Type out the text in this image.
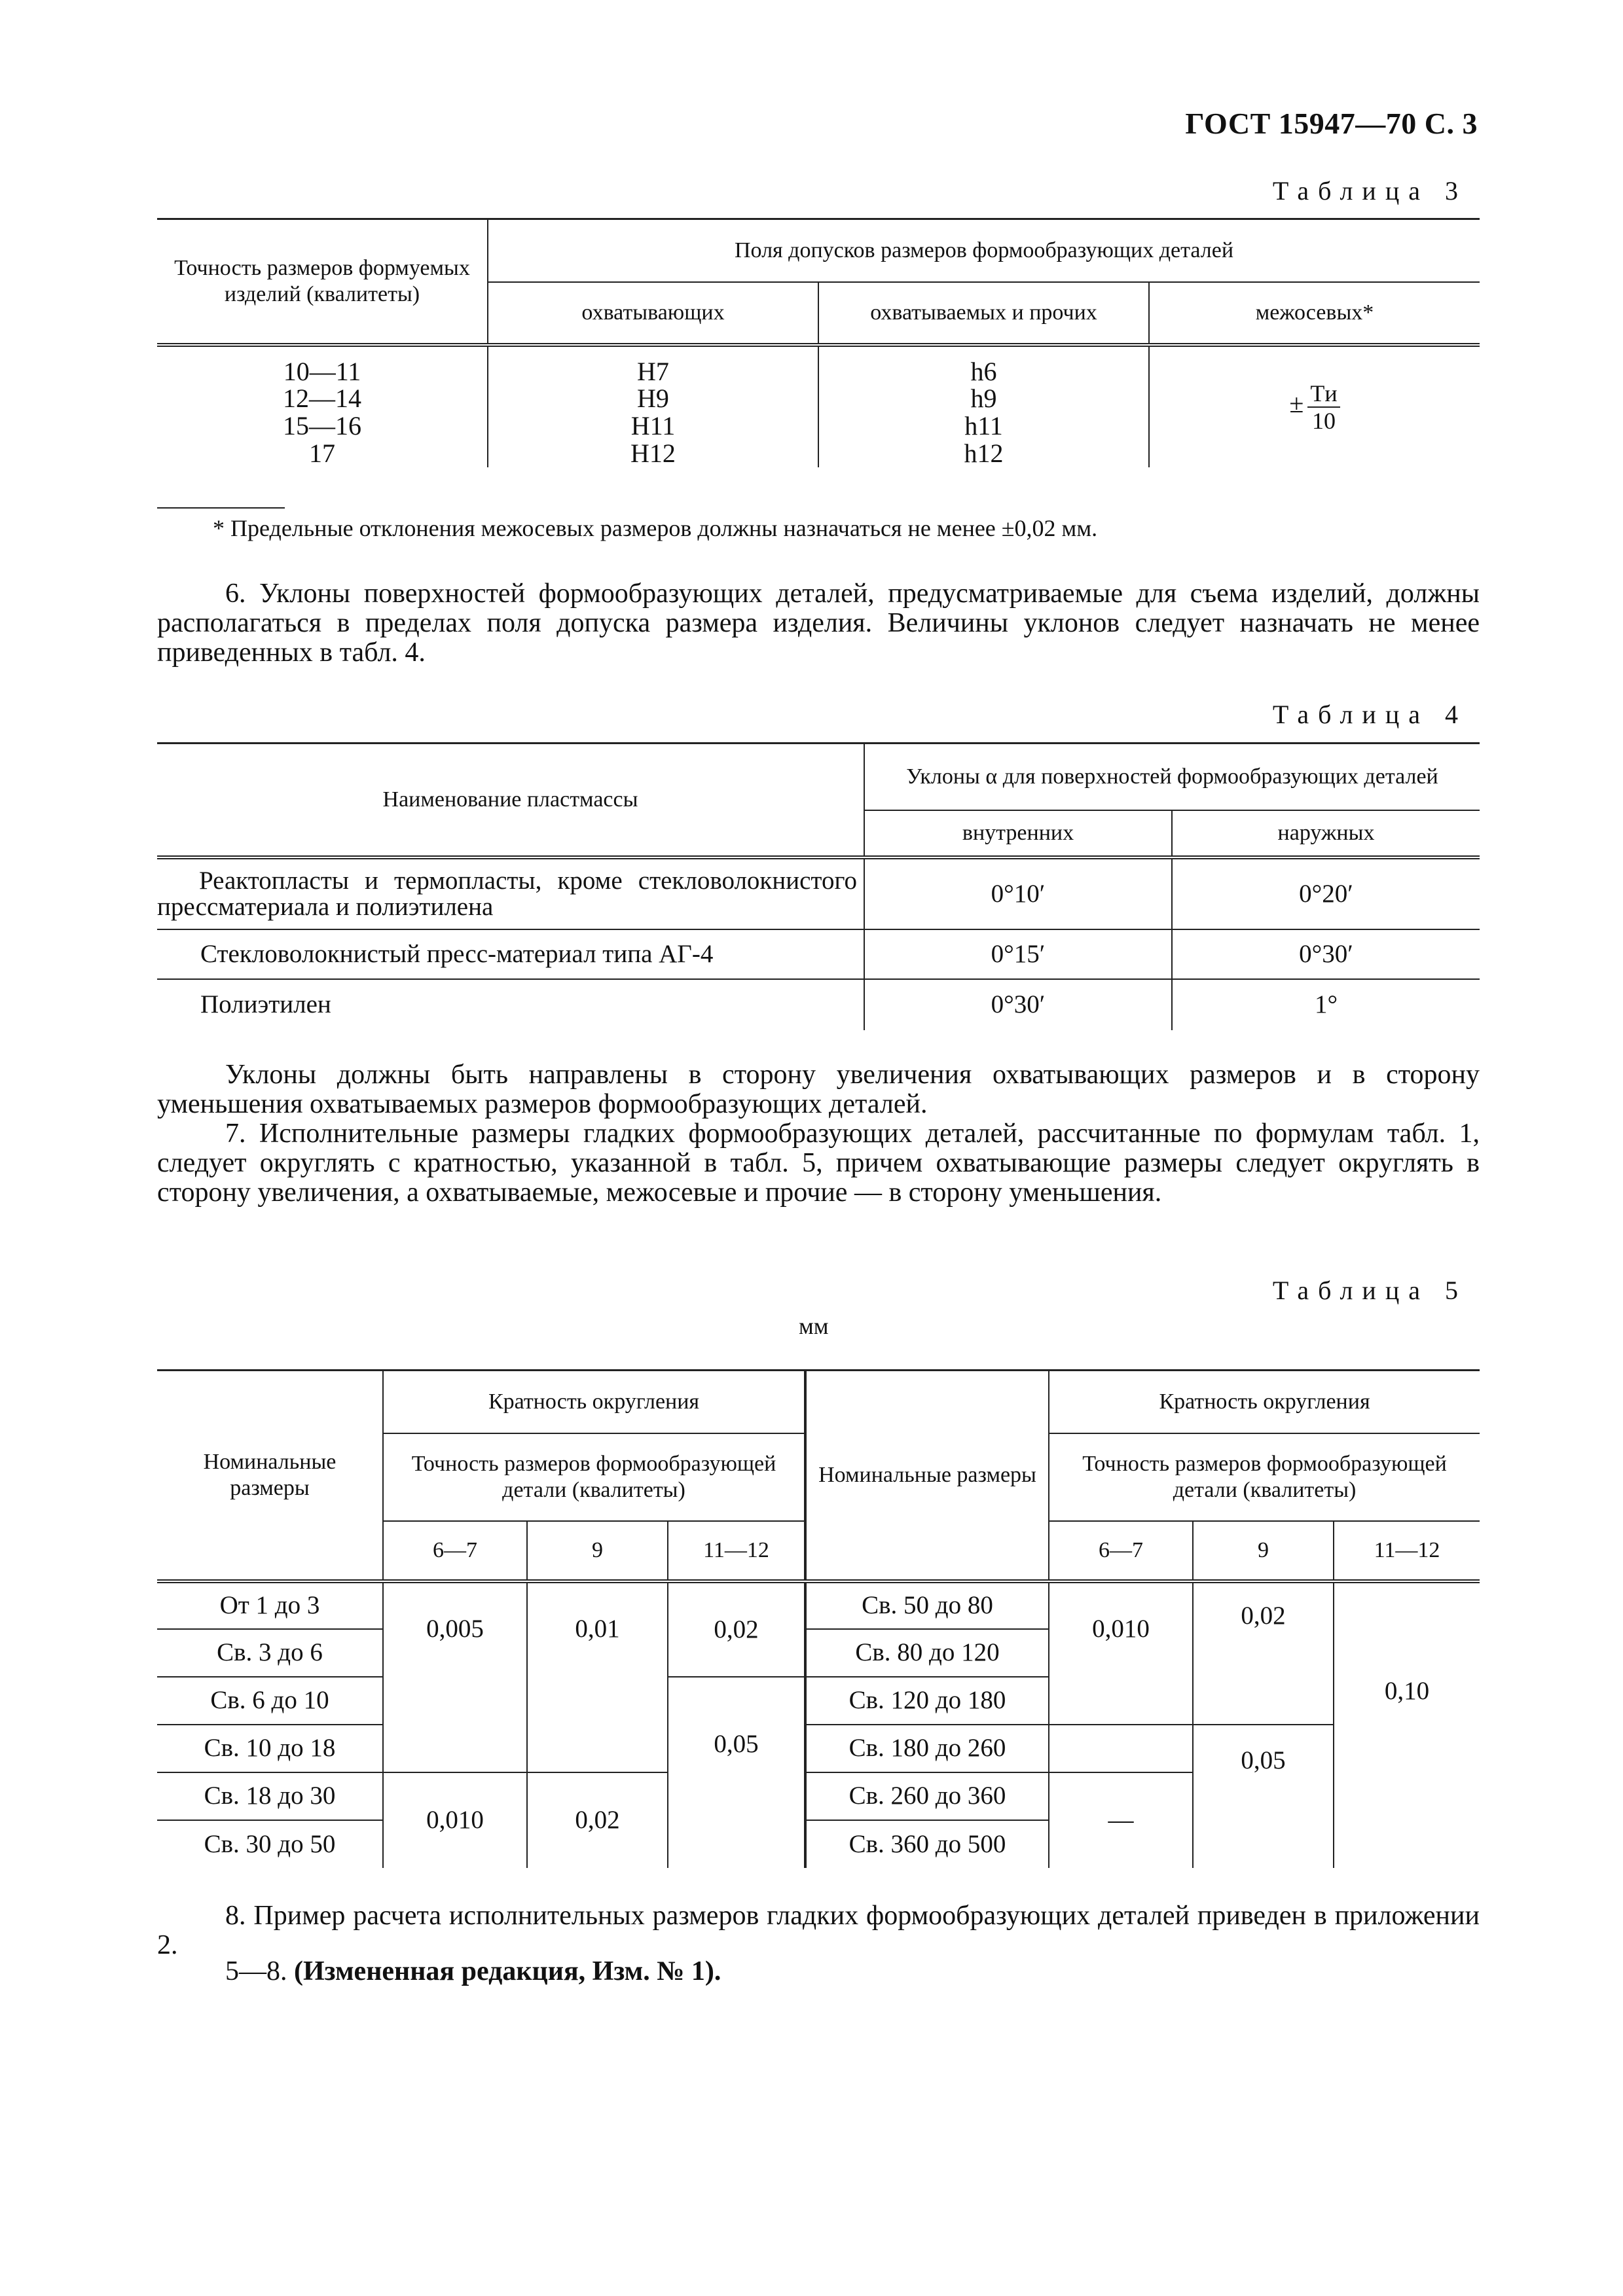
ГОСТ 15947—70 С. 3
Таблица 3
Точность размеров формуемых изделий (квалитеты)	Поля допусков размеров формообразующих деталей		
	охватывающих	охватываемых и прочих	межосевых*
10—11	H7	h6	± $\frac{Tи}{10}$

12—14	H9	h9	
15—16	H11	h11	
17	H12	h12	
* Предельные отклонения межосевых размеров должны назначаться не менее ±0,02 мм.
6. Уклоны поверхностей формообразующих деталей, предусматриваемые для съема изделий, должны располагаться в пределах поля допуска размера изделия. Величины уклонов следует назначать не менее приведенных в табл. 4.
Таблица 4
Наименование пластмассы	Уклоны α для поверхностей формообразующих деталей	
	внутренних	наружных
Реактопласты и термопласты, кроме стекловолокнистого прессматериала и полиэтилена	0°10′	0°20′
Стекловолокнистый пресс-материал типа АГ-4	0°15′	0°30′
Полиэтилен	0°30′	1°
Уклоны должны быть направлены в сторону увеличения охватывающих размеров и в сторону уменьшения охватываемых размеров формообразующих деталей.
7. Исполнительные размеры гладких формообразующих деталей, рассчитанные по формулам табл. 1, следует округлять с кратностью, указанной в табл. 5, причем охватывающие размеры следует округлять в сторону увеличения, а охватываемые, межосевые и прочие — в сторону уменьшения.
Таблица 5
мм
Номинальные размеры	Кратность округления			Номинальные размеры	Кратность округления		
	Точность размеров формообразующей детали (квалитеты)				Точность размеров формообразующей детали (квалитеты)		
	6—7	9	11—12		6—7	9	11—12
От 1 до 3	0,005	0,01	0,02	Св. 50 до 80	0,010	0,02	0,10
Св. 3 до 6				Св. 80 до 120			
Св. 6 до 10			0,05	Св. 120 до 180			
Св. 10 до 18				Св. 180 до 260		0,05	
Св. 18 до 30	0,010	0,02		Св. 260 до 360	—		
Св. 30 до 50				Св. 360 до 500			
8. Пример расчета исполнительных размеров гладких формообразующих деталей приведен в приложении 2.
5—8. (Измененная редакция, Изм. № 1).
